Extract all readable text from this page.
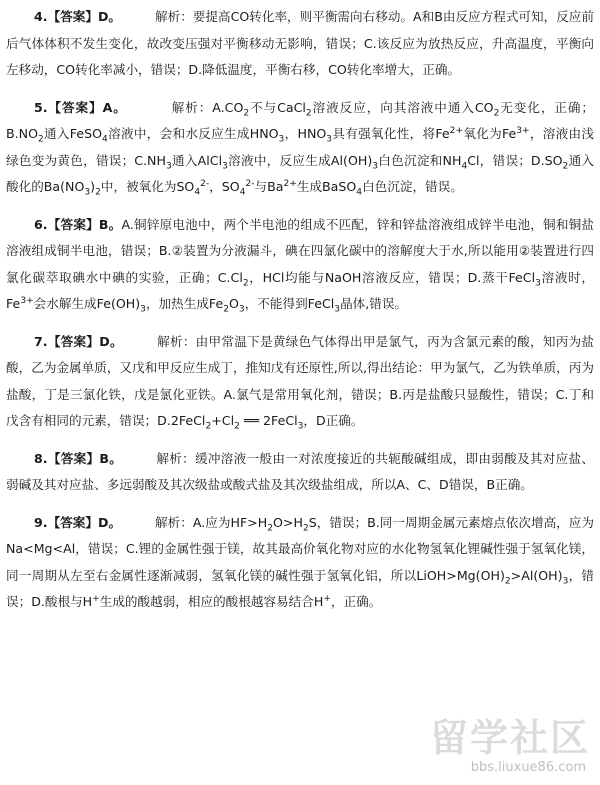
4.【答案】D。	解析：要提高CO转化率，则平衡需向右移动。A和B由反应方程式可知，反应前后气体体积不发生变化，故改变压强对平衡移动无影响，错误；C.该反应为放热反应，升高温度，平衡向左移动，CO转化率减小，错误；D.降低温度，平衡右移，CO转化率增大，正确。

5.【答案】A。	解析：$A.CO_2$不与CaCl$_2$溶液反应，向其溶液中通入$CO_2$无变化，正确；$B.NO_2$通入FeSO$_4$溶液中，会和水反应生成$HNO_3$，$HNO_3$具有强氧化性，将$Fe^{2+}$氧化为$Fe^{3+}$，溶液由浅绿色变为黄色，错误；$C.NH_3$通入AlCl$_3$溶液中，反应生成$Al(OH)_3$白色沉淀和$NH_4Cl$，错误；$D.SO_2$通入酸化的$Ba(NO_3)_2$中，被氧化为$SO_4^{2-}$，$SO_4^{2-}$与$Ba^{2+}$生成BaSO$_4$白色沉淀，错误。

6.【答案】B。A.铜锌原电池中，两个半电池的组成不匹配，锌和锌盐溶液组成锌半电池，铜和铜盐溶液组成铜半电池，错误；B.②装置为分液漏斗，碘在四氯化碳中的溶解度大于水,所以能用②装置进行四氯化碳萃取碘水中碘的实验，正确；$C.Cl_2$，HCl均能与NaOH溶液反应，错误；D.蒸干FeCl$_3$溶液时，$Fe^{3+}$会水解生成$Fe(OH)_3$，加热生成$Fe_2O_3$，不能得到FeCl$_3$晶体,错误。

7.【答案】D。	解析：由甲常温下是黄绿色气体得出甲是氯气，丙为含氯元素的酸，知丙为盐酸，乙为金属单质，又戊和甲反应生成丁，推知戊有还原性,所以,得出结论：甲为氯气，乙为铁单质，丙为盐酸，丁是三氯化铁，戊是氯化亚铁。A.氯气是常用氧化剂，错误；B.丙是盐酸只显酸性，错误；C.丁和戊含有相同的元素，错误；$D.2FeCl_2+Cl_2$ ══ 2FeCl$_3$，D正确。

8.【答案】B。	解析：缓冲溶液一般由一对浓度接近的共轭酸碱组成，即由弱酸及其对应盐、弱碱及其对应盐、多远弱酸及其次级盐或酸式盐及其次级盐组成，所以A、C、D错误，B正确。

9.【答案】D。	解析：A.应为$HF>H_2O>H_2S$，错误；B.同一周期金属元素熔点依次增高，应为Na<Mg<Al，错误；C.锂的金属性强于镁，故其最高价氧化物对应的水化物氢氧化锂碱性强于氢氧化镁，同一周期从左至右金属性逐渐减弱，氢氧化镁的碱性强于氢氧化铝，所以$LiOH>Mg(OH)_2>Al(OH)_3$，错误；D.酸根与H+生成的酸越弱，相应的酸根越容易结合H+，正确。

留学社区
bbs.liuxue86.com
